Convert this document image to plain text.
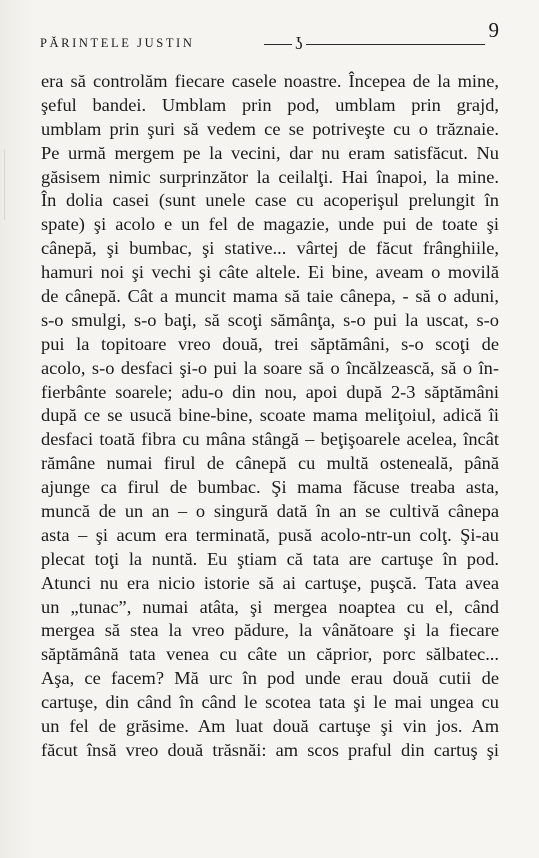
PĂRINTELE JUSTIN	ʖ
9
era să controlăm fiecare casele noastre. Începea de la mine,
şeful bandei. Umblam prin pod, umblam prin grajd,
umblam prin şuri să vedem ce se potriveşte cu o trăznaie.
Pe urmă mergem pe la vecini, dar nu eram satisfăcut. Nu
găsisem nimic surprinzător la ceilalţi. Hai înapoi, la mine.
În dolia casei (sunt unele case cu acoperişul prelungit în
spate) şi acolo e un fel de magazie, unde pui de toate şi
cânepă, şi bumbac, şi stative... vârtej de făcut frânghiile,
hamuri noi şi vechi şi câte altele. Ei bine, aveam o movilă
de cânepă. Cât a muncit mama să taie cânepa, - să o aduni,
s-o smulgi, s-o baţi, să scoţi sămânţa, s-o pui la uscat, s-o
pui la topitoare vreo două, trei săptămâni, s-o scoţi de
acolo, s-o desfaci şi-o pui la soare să o încălzească, să o în-
fierbânte soarele; adu-o din nou, apoi după 2-3 săptămâni
după ce se usucă bine-bine, scoate mama meliţoiul, adică îi
desfaci toată fibra cu mâna stângă – beţişoarele acelea, încât
rămâne numai firul de cânepă cu multă osteneală, până
ajunge ca firul de bumbac. Şi mama făcuse treaba asta,
muncă de un an – o singură dată în an se cultivă cânepa
asta – şi acum era terminată, pusă acolo-ntr-un colţ. Şi-au
plecat toţi la nuntă. Eu ştiam că tata are cartuşe în pod.
Atunci nu era nicio istorie să ai cartuşe, puşcă. Tata avea
un „tunac”, numai atâta, şi mergea noaptea cu el, când
mergea să stea la vreo pădure, la vânătoare şi la fiecare
săptămână tata venea cu câte un căprior, porc sălbatec...
Aşa, ce facem? Mă urc în pod unde erau două cutii de
cartuşe, din când în când le scotea tata şi le mai ungea cu
un fel de grăsime. Am luat două cartuşe şi vin jos. Am
făcut însă vreo două trăsnăi: am scos praful din cartuş şi
